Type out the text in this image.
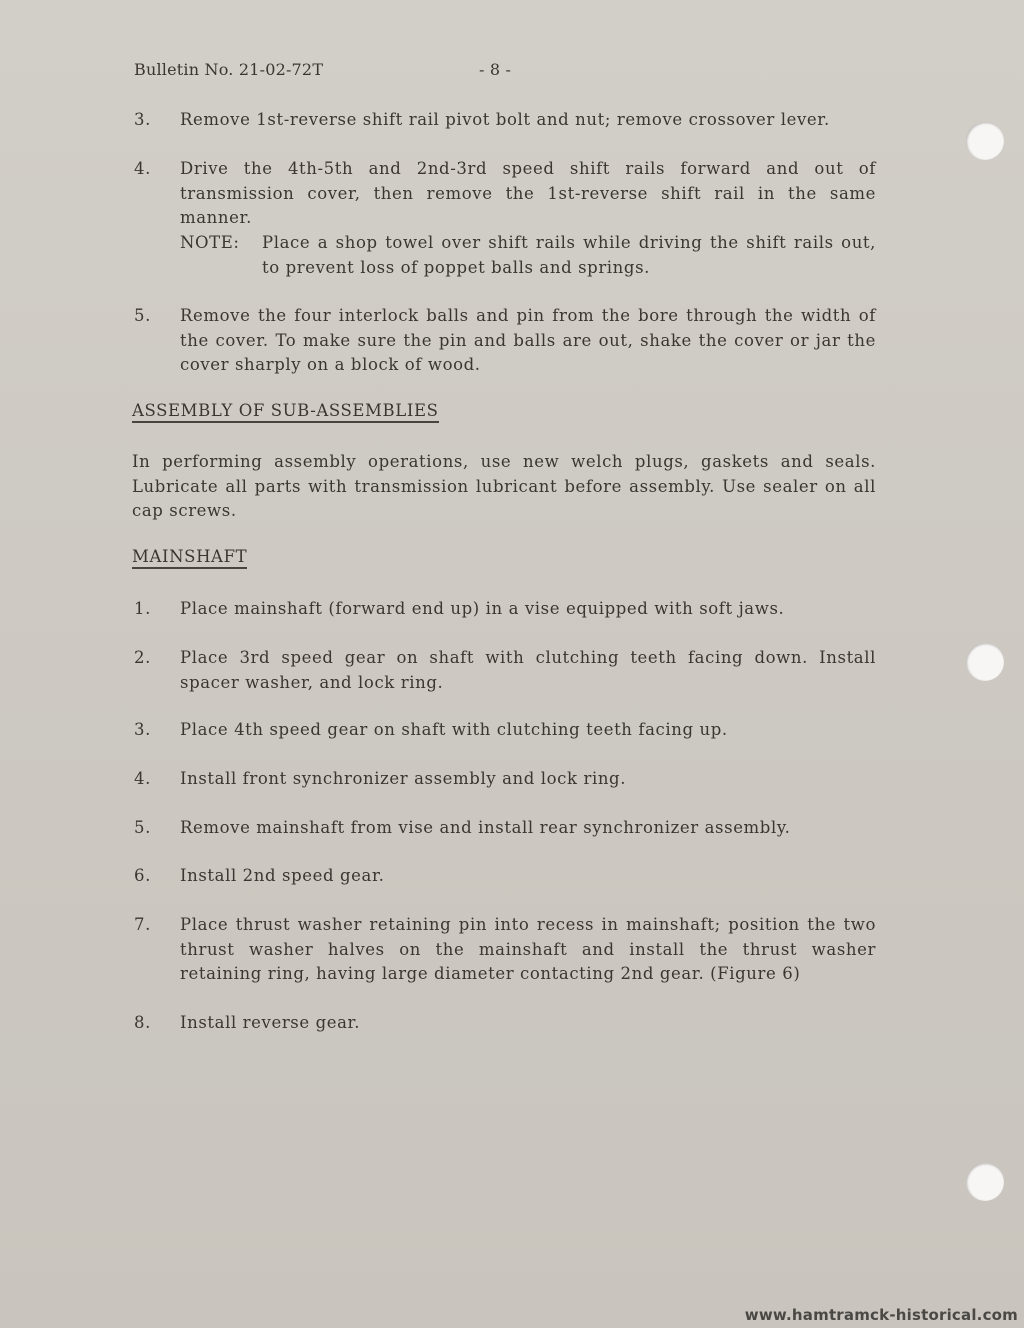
Bulletin No. 21-02-72T	- 8 -
3. Remove 1st-reverse shift rail pivot bolt and nut; remove crossover lever.
4. Drive the 4th-5th and 2nd-3rd speed shift rails forward and out of transmission cover, then remove the 1st-reverse shift rail in the same manner.
NOTE: Place a shop towel over shift rails while driving the shift rails out, to prevent loss of poppet balls and springs.
5. Remove the four interlock balls and pin from the bore through the width of the cover. To make sure the pin and balls are out, shake the cover or jar the cover sharply on a block of wood.
ASSEMBLY OF SUB-ASSEMBLIES
In performing assembly operations, use new welch plugs, gaskets and seals. Lubricate all parts with transmission lubricant before assembly. Use sealer on all cap screws.
MAINSHAFT
1. Place mainshaft (forward end up) in a vise equipped with soft jaws.
2. Place 3rd speed gear on shaft with clutching teeth facing down. Install spacer washer, and lock ring.
3. Place 4th speed gear on shaft with clutching teeth facing up.
4. Install front synchronizer assembly and lock ring.
5. Remove mainshaft from vise and install rear synchronizer assembly.
6. Install 2nd speed gear.
7. Place thrust washer retaining pin into recess in mainshaft; position the two thrust washer halves on the mainshaft and install the thrust washer retaining ring, having large diameter contacting 2nd gear. (Figure 6)
8. Install reverse gear.
www.hamtramck-historical.com
